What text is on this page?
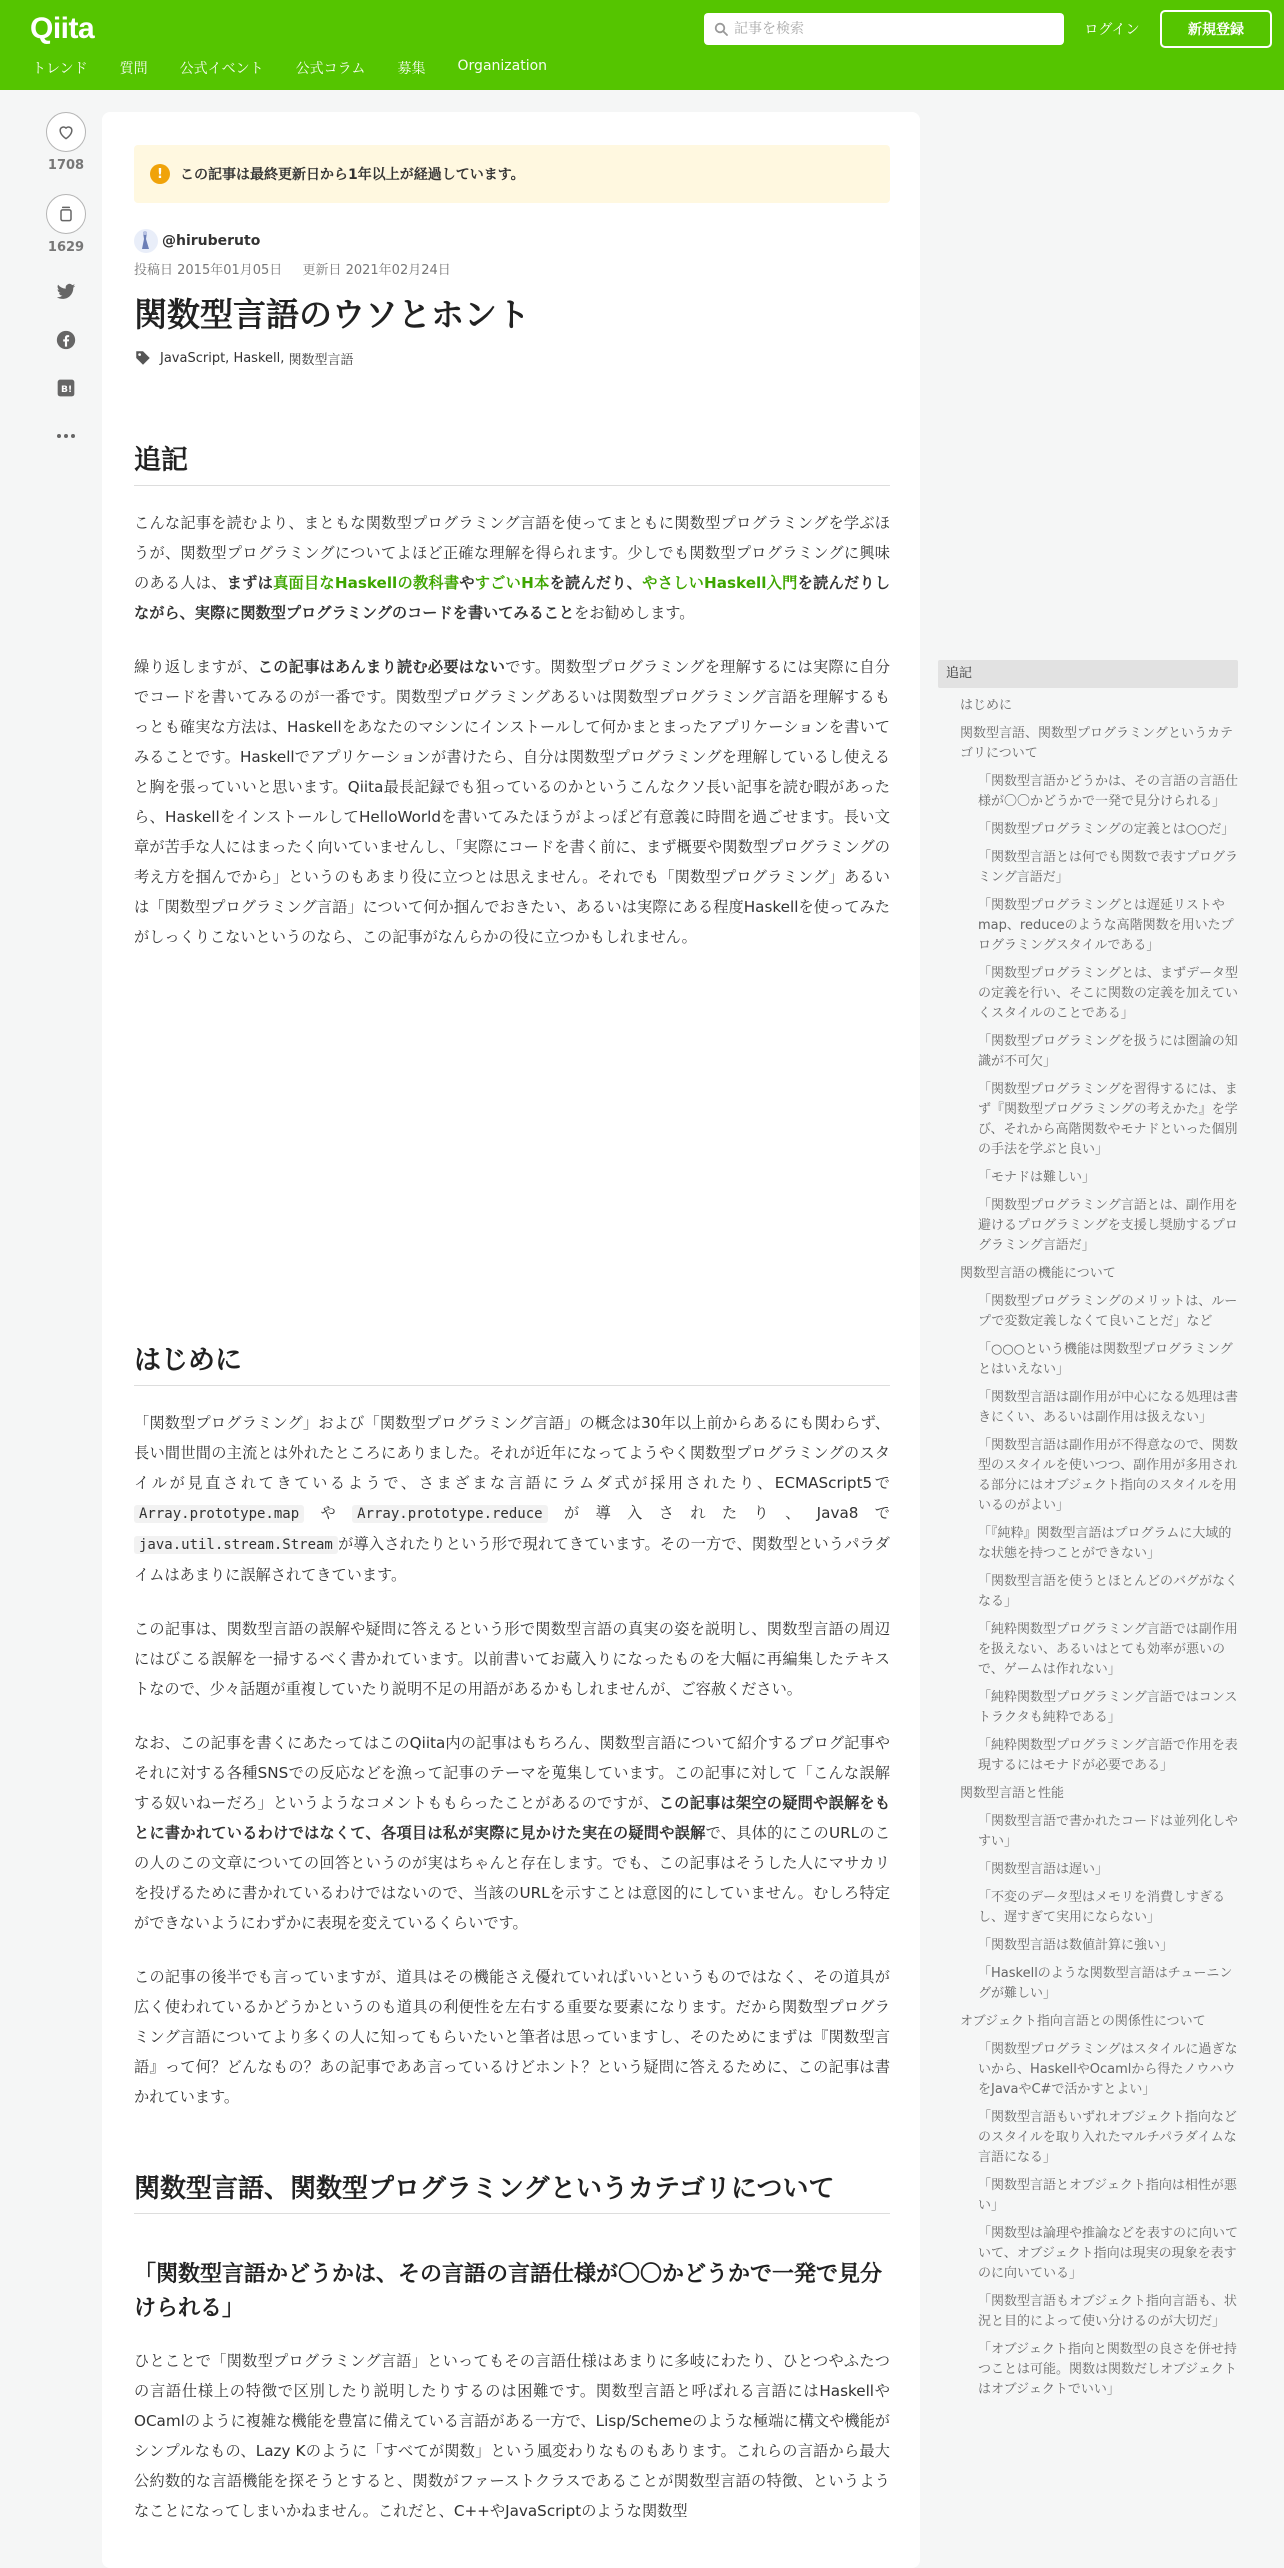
Qiita
記事を検索	ログイン	新規登録
トレンド 質問 公式イベント 公式コラム 募集 Organization
1708
1629
B!
!	この記事は最終更新日から1年以上が経過しています。
@hiruberuto
投稿日 2015年01月05日 更新日 2021年02月24日
関数型言語のウソとホント
JavaScript , Haskell , 関数型言語
追記

こんな記事を読むより、まともな関数型プログラミング言語を使ってまともに関数型プログラミングを学ぶほうが、関数型プログラミングについてよほど正確な理解を得られます。少しでも関数型プログラミングに興味のある人は、まずは真面目なHaskellの教科書やすごいH本を読んだり、やさしいHaskell入門を読んだりしながら、実際に関数型プログラミングのコードを書いてみることをお勧めします。

繰り返しますが、この記事はあんまり読む必要はないです。関数型プログラミングを理解するには実際に自分でコードを書いてみるのが一番です。関数型プログラミングあるいは関数型プログラミング言語を理解するもっとも確実な方法は、Haskellをあなたのマシンにインストールして何かまとまったアプリケーションを書いてみることです。Haskellでアプリケーションが書けたら、自分は関数型プログラミングを理解しているし使えると胸を張っていいと思います。Qiita最長記録でも狙っているのかというこんなクソ長い記事を読む暇があったら、HaskellをインストールしてHelloWorldを書いてみたほうがよっぽど有意義に時間を過ごせます。長い文章が苦手な人にはまったく向いていませんし、「実際にコードを書く前に、まず概要や関数型プログラミングの考え方を掴んでから」というのもあまり役に立つとは思えません。それでも「関数型プログラミング」あるいは「関数型プログラミング言語」について何か掴んでおきたい、あるいは実際にある程度Haskellを使ってみたがしっくりこないというのなら、この記事がなんらかの役に立つかもしれません。

はじめに

「関数型プログラミング」および「関数型プログラミング言語」の概念は30年以上前からあるにも関わらず、長い間世間の主流とは外れたところにありました。それが近年になってようやく関数型プログラミングのスタイルが見直されてきているようで、さまざまな言語にラムダ式が採用されたり、ECMAScript5でArray.prototype.map や Array.prototype.reduce が導入されたり、Java8でjava.util.stream.Stream が導入されたりという形で現れてきています。その一方で、関数型というパラダイムはあまりに誤解されてきています。

この記事は、関数型言語の誤解や疑問に答えるという形で関数型言語の真実の姿を説明し、関数型言語の周辺にはびこる誤解を一掃するべく書かれています。以前書いてお蔵入りになったものを大幅に再編集したテキストなので、少々話題が重複していたり説明不足の用語があるかもしれませんが、ご容赦ください。

なお、この記事を書くにあたってはこのQiita内の記事はもちろん、関数型言語について紹介するブログ記事やそれに対する各種SNSでの反応などを漁って記事のテーマを蒐集しています。この記事に対して「こんな誤解する奴いねーだろ」というようなコメントももらったことがあるのですが、この記事は架空の疑問や誤解をもとに書かれているわけではなくて、各項目は私が実際に見かけた実在の疑問や誤解で、具体的にこのURLのこの人のこの文章についての回答というのが実はちゃんと存在します。でも、この記事はそうした人にマサカリを投げるために書かれているわけではないので、当該のURLを示すことは意図的にしていません。むしろ特定ができないようにわずかに表現を変えているくらいです。

この記事の後半でも言っていますが、道具はその機能さえ優れていればいいというものではなく、その道具が広く使われているかどうかというのも道具の利便性を左右する重要な要素になります。だから関数型プログラミング言語についてより多くの人に知ってもらいたいと筆者は思っていますし、そのためにまずは『関数型言語』って何？どんなもの？あの記事でああ言っているけどホント？という疑問に答えるために、この記事は書かれています。

関数型言語、関数型プログラミングというカテゴリについて
「関数型言語かどうかは、その言語の言語仕様が〇〇かどうかで一発で見分けられる」

ひとことで「関数型プログラミング言語」といってもその言語仕様はあまりに多岐にわたり、ひとつやふたつの言語仕様上の特徴で区別したり説明したりするのは困難です。関数型言語と呼ばれる言語にはHaskellやOCamlのように複雑な機能を豊富に備えている言語がある一方で、Lisp/Schemeのような極端に構文や機能がシンプルなもの、Lazy Kのように「すべてが関数」という風変わりなものもあります。これらの言語から最大公約数的な言語機能を探そうとすると、関数がファーストクラスであることが関数型言語の特徴、というようなことになってしまいかねません。これだと、C++やJavaScriptのような関数型

追記
はじめに
関数型言語、関数型プログラミングというカテゴリについて
「関数型言語かどうかは、その言語の言語仕様が〇〇かどうかで一発で見分けられる」
「関数型プログラミングの定義とは○○だ」
「関数型言語とは何でも関数で表すプログラミング言語だ」
「関数型プログラミングとは遅延リストやmap、reduceのような高階関数を用いたプログラミングスタイルである」
「関数型プログラミングとは、まずデータ型の定義を行い、そこに関数の定義を加えていくスタイルのことである」
「関数型プログラミングを扱うには圏論の知識が不可欠」
「関数型プログラミングを習得するには、まず『関数型プログラミングの考えかた』を学び、それから高階関数やモナドといった個別の手法を学ぶと良い」
「モナドは難しい」
「関数型プログラミング言語とは、副作用を避けるプログラミングを支援し奨励するプログラミング言語だ」
関数型言語の機能について
「関数型プログラミングのメリットは、ループで変数定義しなくて良いことだ」など
「○○○という機能は関数型プログラミングとはいえない」
「関数型言語は副作用が中心になる処理は書きにくい、あるいは副作用は扱えない」
「関数型言語は副作用が不得意なので、関数型のスタイルを使いつつ、副作用が多用される部分にはオブジェクト指向のスタイルを用いるのがよい」
「『純粋』関数型言語はプログラムに大域的な状態を持つことができない」
「関数型言語を使うとほとんどのバグがなくなる」
「純粋関数型プログラミング言語では副作用を扱えない、あるいはとても効率が悪いので、ゲームは作れない」
「純粋関数型プログラミング言語ではコンストラクタも純粋である」
「純粋関数型プログラミング言語で作用を表現するにはモナドが必要である」
関数型言語と性能
「関数型言語で書かれたコードは並列化しやすい」
「関数型言語は遅い」
「不変のデータ型はメモリを消費しすぎるし、遅すぎて実用にならない」
「関数型言語は数値計算に強い」
「Haskellのような関数型言語はチューニングが難しい」
オブジェクト指向言語との関係性について
「関数型プログラミングはスタイルに過ぎないから、HaskellやOcamlから得たノウハウをJavaやC#で活かすとよい」
「関数型言語もいずれオブジェクト指向などのスタイルを取り入れたマルチパラダイムな言語になる」
「関数型言語とオブジェクト指向は相性が悪い」
「関数型は論理や推論などを表すのに向いていて、オブジェクト指向は現実の現象を表すのに向いている」
「関数型言語もオブジェクト指向言語も、状況と目的によって使い分けるのが大切だ」
「オブジェクト指向と関数型の良さを併せ持つことは可能。関数は関数だしオブジェクトはオブジェクトでいい」
